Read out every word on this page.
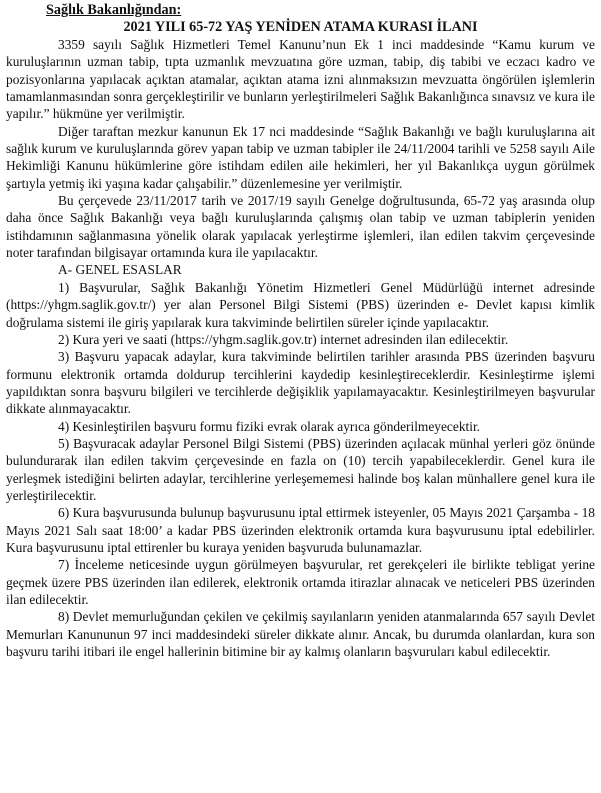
Sağlık Bakanlığından:
2021 YILI 65-72 YAŞ YENİDEN ATAMA KURASI İLANI

3359 sayılı Sağlık Hizmetleri Temel Kanunu’nun Ek 1 inci maddesinde “Kamu kurum ve kuruluşlarının uzman tabip, tıpta uzmanlık mevzuatına göre uzman, tabip, diş tabibi ve eczacı kadro ve pozisyonlarına yapılacak açıktan atamalar, açıktan atama izni alınmaksızın mevzuatta öngörülen işlemlerin tamamlanmasından sonra gerçekleştirilir ve bunların yerleştirilmeleri Sağlık Bakanlığınca sınavsız ve kura ile yapılır.” hükmüne yer verilmiştir.

Diğer taraftan mezkur kanunun Ek 17 nci maddesinde “Sağlık Bakanlığı ve bağlı kuruluşlarına ait sağlık kurum ve kuruluşlarında görev yapan tabip ve uzman tabipler ile 24/11/2004 tarihli ve 5258 sayılı Aile Hekimliği Kanunu hükümlerine göre istihdam edilen aile hekimleri, her yıl Bakanlıkça uygun görülmek şartıyla yetmiş iki yaşına kadar çalışabilir.” düzenlemesine yer verilmiştir.

Bu çerçevede 23/11/2017 tarih ve 2017/19 sayılı Genelge doğrultusunda, 65-72 yaş arasında olup daha önce Sağlık Bakanlığı veya bağlı kuruluşlarında çalışmış olan tabip ve uzman tabiplerin yeniden istihdamının sağlanmasına yönelik olarak yapılacak yerleştirme işlemleri, ilan edilen takvim çerçevesinde noter tarafından bilgisayar ortamında kura ile yapılacaktır.

A- GENEL ESASLAR

1) Başvurular, Sağlık Bakanlığı Yönetim Hizmetleri Genel Müdürlüğü internet adresinde (https://yhgm.saglik.gov.tr/) yer alan Personel Bilgi Sistemi (PBS) üzerinden e- Devlet kapısı kimlik doğrulama sistemi ile giriş yapılarak kura takviminde belirtilen süreler içinde yapılacaktır.

2) Kura yeri ve saati (https://yhgm.saglik.gov.tr) internet adresinden ilan edilecektir.

3) Başvuru yapacak adaylar, kura takviminde belirtilen tarihler arasında PBS üzerinden başvuru formunu elektronik ortamda doldurup tercihlerini kaydedip kesinleştireceklerdir. Kesinleştirme işlemi yapıldıktan sonra başvuru bilgileri ve tercihlerde değişiklik yapılamayacaktır. Kesinleştirilmeyen başvurular dikkate alınmayacaktır.

4) Kesinleştirilen başvuru formu fiziki evrak olarak ayrıca gönderilmeyecektir.

5) Başvuracak adaylar Personel Bilgi Sistemi (PBS) üzerinden açılacak münhal yerleri göz önünde bulundurarak ilan edilen takvim çerçevesinde en fazla on (10) tercih yapabileceklerdir. Genel kura ile yerleşmek istediğini belirten adaylar, tercihlerine yerleşememesi halinde boş kalan münhallere genel kura ile yerleştirilecektir.

6) Kura başvurusunda bulunup başvurusunu iptal ettirmek isteyenler, 05 Mayıs 2021 Çarşamba - 18 Mayıs 2021 Salı saat 18:00’ a kadar PBS üzerinden elektronik ortamda kura başvurusunu iptal edebilirler. Kura başvurusunu iptal ettirenler bu kuraya yeniden başvuruda bulunamazlar.

7) İnceleme neticesinde uygun görülmeyen başvurular, ret gerekçeleri ile birlikte tebligat yerine geçmek üzere PBS üzerinden ilan edilerek, elektronik ortamda itirazlar alınacak ve neticeleri PBS üzerinden ilan edilecektir.

8) Devlet memurluğundan çekilen ve çekilmiş sayılanların yeniden atanmalarında 657 sayılı Devlet Memurları Kanununun 97 inci maddesindeki süreler dikkate alınır. Ancak, bu durumda olanlardan, kura son başvuru tarihi itibari ile engel hallerinin bitimine bir ay kalmış olanların başvuruları kabul edilecektir.
